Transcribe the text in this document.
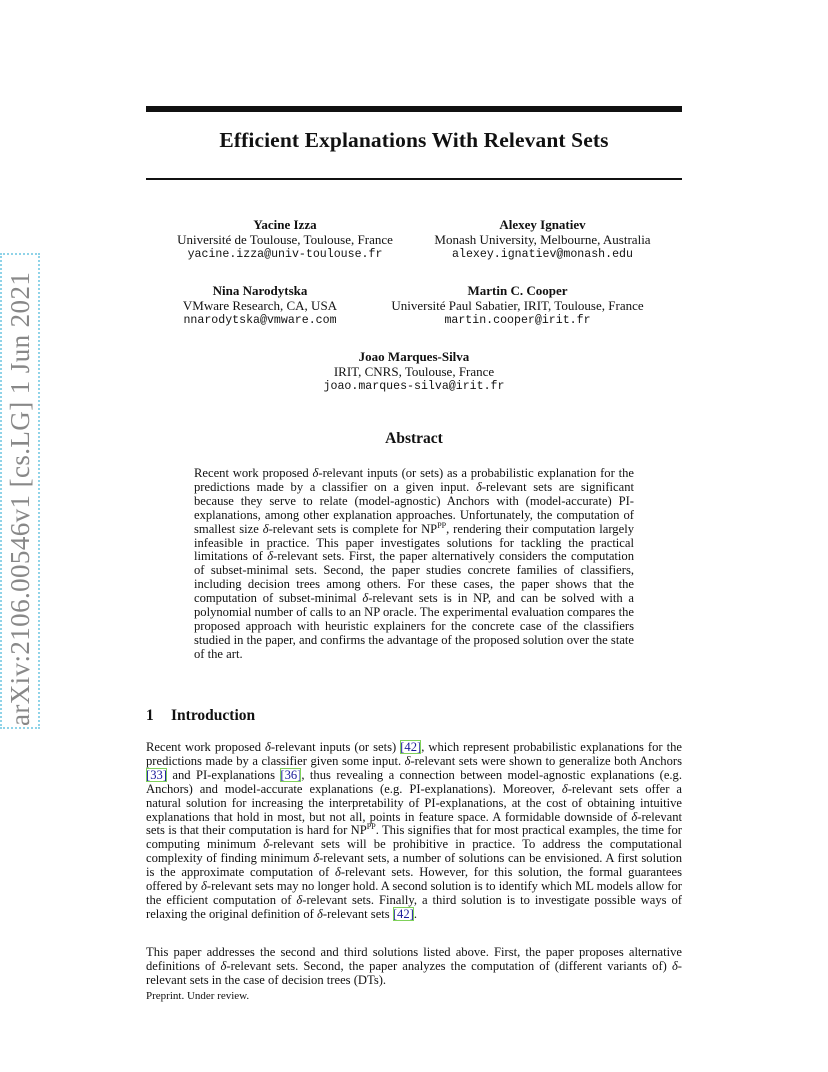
arXiv:2106.00546v1 [cs.LG] 1 Jun 2021
Efficient Explanations With Relevant Sets
Yacine Izza
Université de Toulouse, Toulouse, France
yacine.izza@univ-toulouse.fr
Alexey Ignatiev
Monash University, Melbourne, Australia
alexey.ignatiev@monash.edu
Nina Narodytska
VMware Research, CA, USA
nnarodytska@vmware.com
Martin C. Cooper
Université Paul Sabatier, IRIT, Toulouse, France
martin.cooper@irit.fr
Joao Marques-Silva
IRIT, CNRS, Toulouse, France
joao.marques-silva@irit.fr
Abstract
Recent work proposed δ-relevant inputs (or sets) as a probabilistic explanation for the predictions made by a classifier on a given input. δ-relevant sets are significant because they serve to relate (model-agnostic) Anchors with (model-accurate) PI-explanations, among other explanation approaches. Unfortunately, the computation of smallest size δ-relevant sets is complete for $NP^{PP}$, rendering their computation largely infeasible in practice. This paper investigates solutions for tackling the practical limitations of δ-relevant sets. First, the paper alternatively considers the computation of subset-minimal sets. Second, the paper studies concrete families of classifiers, including decision trees among others. For these cases, the paper shows that the computation of subset-minimal δ-relevant sets is in NP, and can be solved with a polynomial number of calls to an NP oracle. The experimental evaluation compares the proposed approach with heuristic explainers for the concrete case of the classifiers studied in the paper, and confirms the advantage of the proposed solution over the state of the art.
1 Introduction
Recent work proposed δ-relevant inputs (or sets) [42], which represent probabilistic explanations for the predictions made by a classifier given some input. δ-relevant sets were shown to generalize both Anchors [33] and PI-explanations [36], thus revealing a connection between model-agnostic explanations (e.g. Anchors) and model-accurate explanations (e.g. PI-explanations). Moreover, δ-relevant sets offer a natural solution for increasing the interpretability of PI-explanations, at the cost of obtaining intuitive explanations that hold in most, but not all, points in feature space. A formidable downside of δ-relevant sets is that their computation is hard for $NP^{PP}$. This signifies that for most practical examples, the time for computing minimum δ-relevant sets will be prohibitive in practice. To address the computational complexity of finding minimum δ-relevant sets, a number of solutions can be envisioned. A first solution is the approximate computation of δ-relevant sets. However, for this solution, the formal guarantees offered by δ-relevant sets may no longer hold. A second solution is to identify which ML models allow for the efficient computation of δ-relevant sets. Finally, a third solution is to investigate possible ways of relaxing the original definition of δ-relevant sets [42].
This paper addresses the second and third solutions listed above. First, the paper proposes alternative definitions of δ-relevant sets. Second, the paper analyzes the computation of (different variants of) δ-relevant sets in the case of decision trees (DTs).
Preprint. Under review.
